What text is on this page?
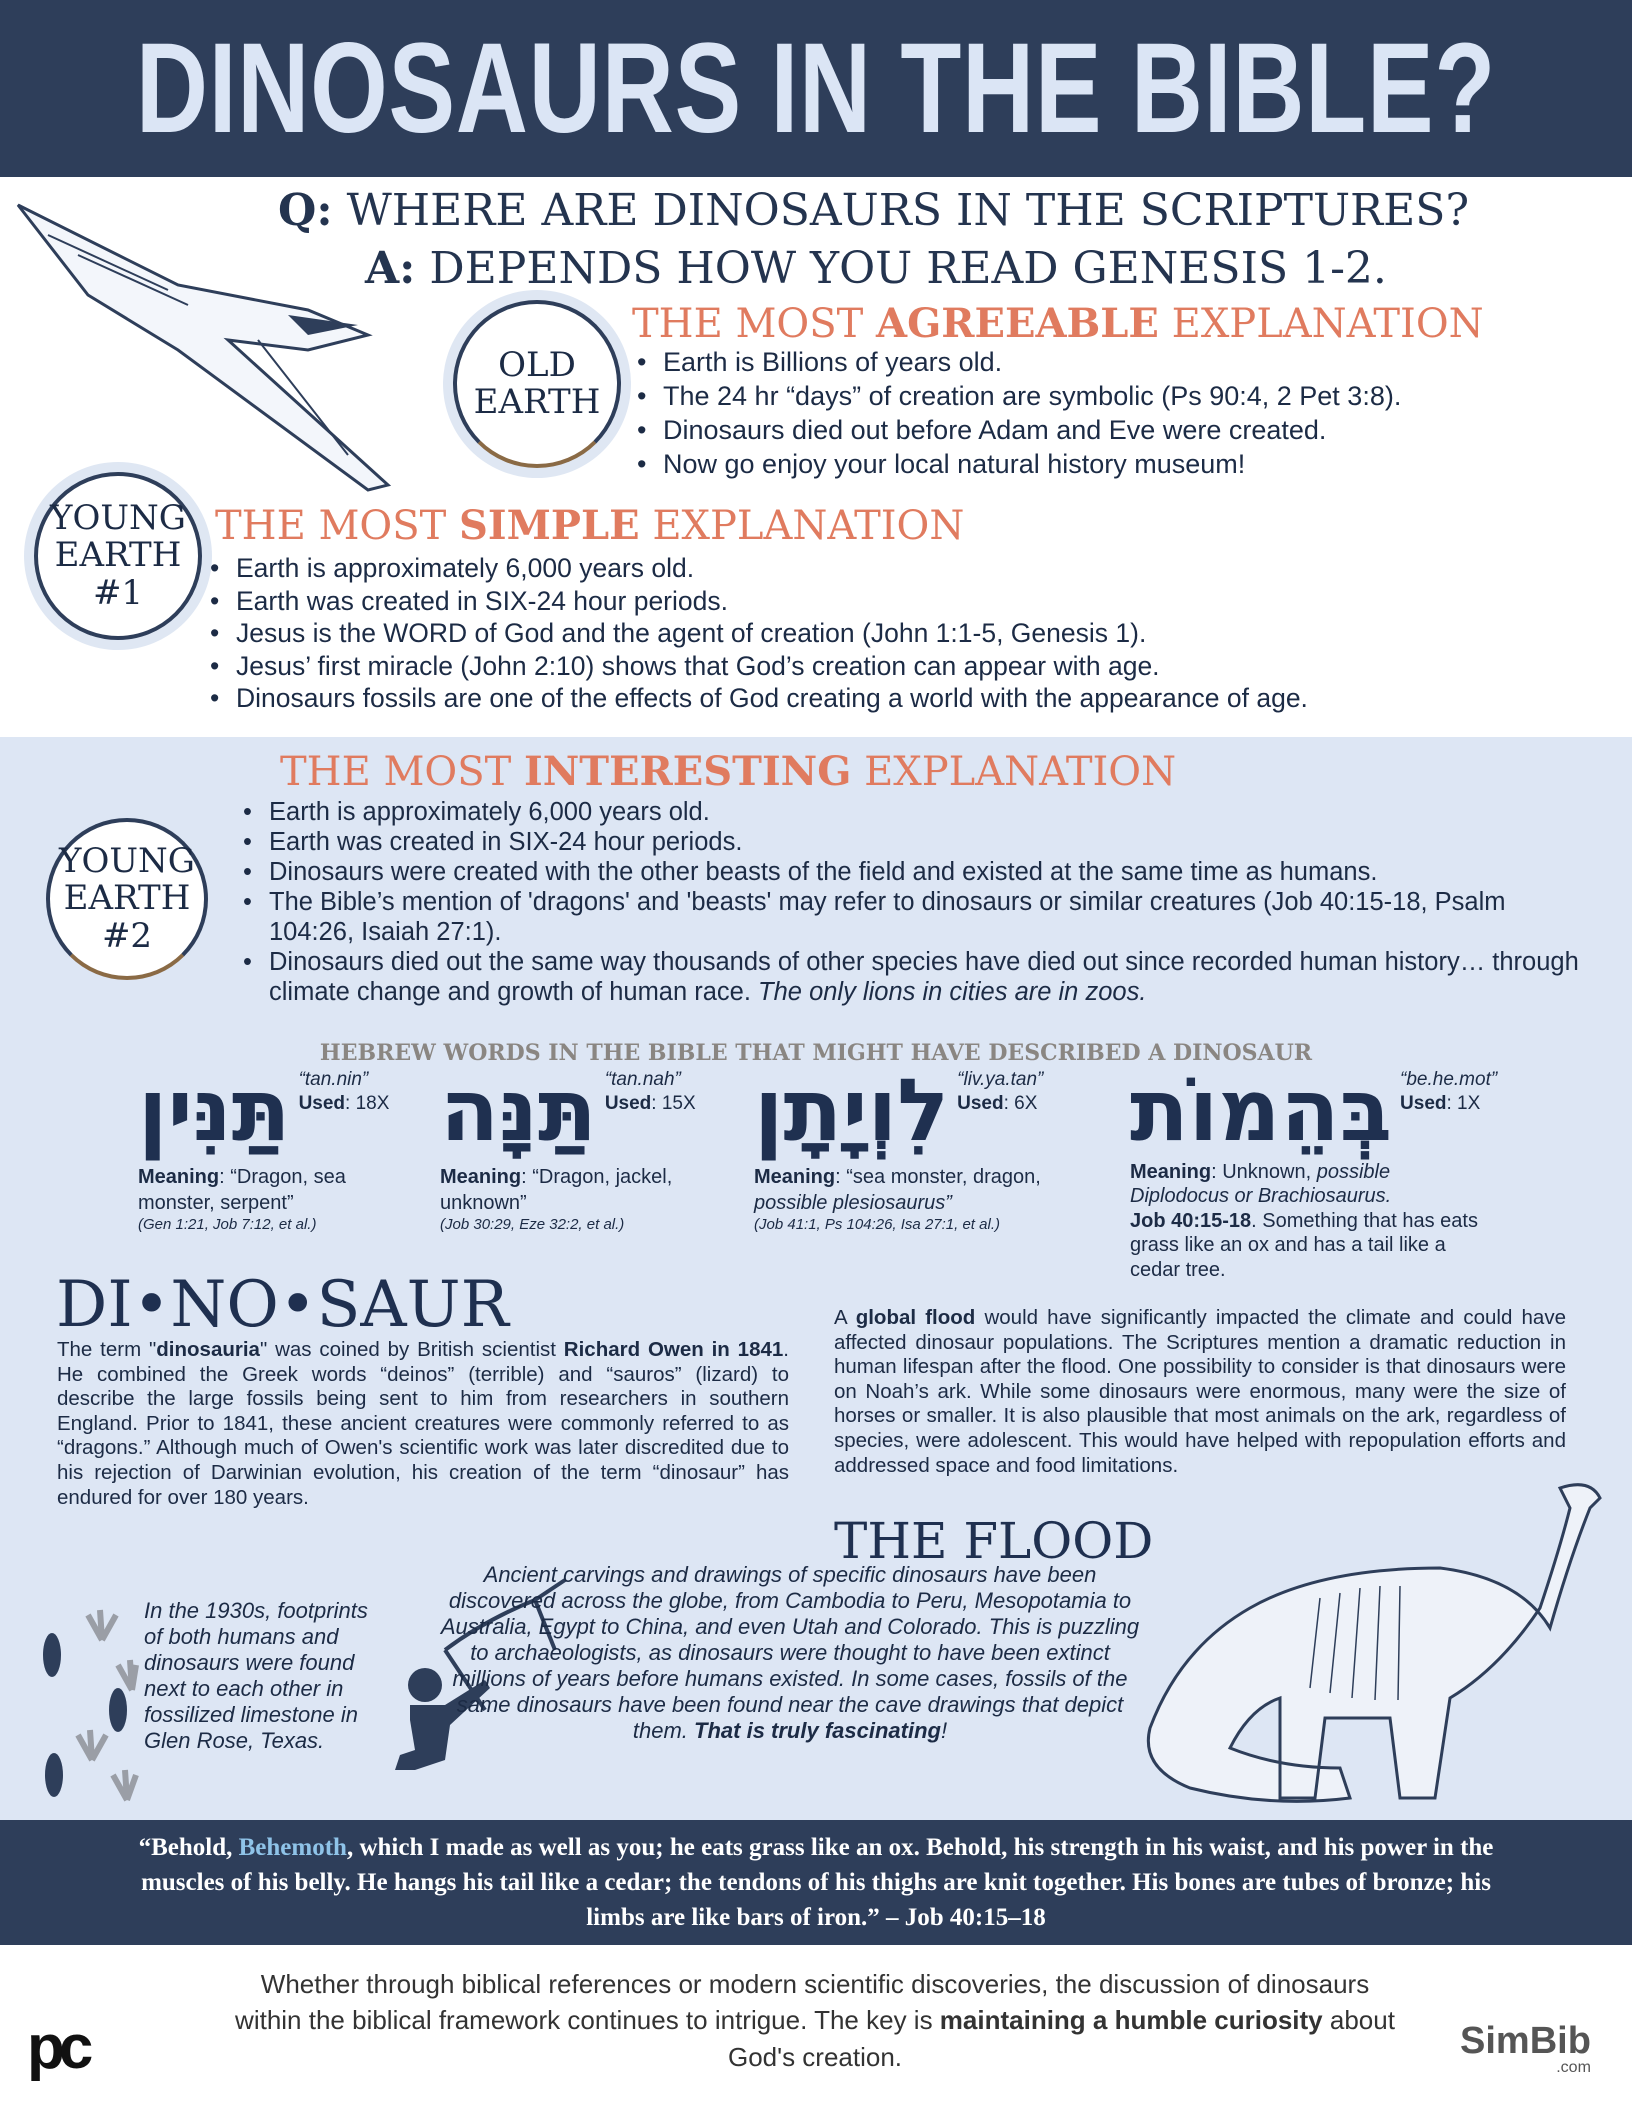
DINOSAURS IN THE BIBLE?
Q: WHERE ARE DINOSAURS IN THE SCRIPTURES?
A: DEPENDS HOW YOU READ GENESIS 1-2.
OLD
EARTH
THE MOST AGREEABLE EXPLANATION
• Earth is Billions of years old.
• The 24 hr “days” of creation are symbolic (Ps 90:4, 2 Pet 3:8).
• Dinosaurs died out before Adam and Eve were created.
• Now go enjoy your local natural history museum!
YOUNG
EARTH
#1
THE MOST SIMPLE EXPLANATION
• Earth is approximately 6,000 years old.
• Earth was created in SIX-24 hour periods.
• Jesus is the WORD of God and the agent of creation (John 1:1-5, Genesis 1).
• Jesus’ first miracle (John 2:10) shows that God’s creation can appear with age.
• Dinosaurs fossils are one of the effects of God creating a world with the appearance of age.
YOUNG
EARTH
#2
THE MOST INTERESTING EXPLANATION
• Earth is approximately 6,000 years old.
• Earth was created in SIX-24 hour periods.
• Dinosaurs were created with the other beasts of the field and existed at the same time as humans.
• The Bible’s mention of 'dragons' and 'beasts' may refer to dinosaurs or similar creatures (Job 40:15-18, Psalm 104:26, Isaiah 27:1).
• Dinosaurs died out the same way thousands of other species have died out since recorded human history… through climate change and growth of human race. The only lions in cities are in zoos.
HEBREW WORDS IN THE BIBLE THAT MIGHT HAVE DESCRIBED A DINOSAUR
תַּנִּין “tan.nin”
Used: 18X
Meaning: “Dragon, sea monster, serpent”
(Gen 1:21, Job 7:12, et al.)
תַּנָּה “tan.nah”
Used: 15X
Meaning: “Dragon, jackel, unknown”
(Job 30:29, Eze 32:2, et al.)
לִוְיָתָן “liv.ya.tan”
Used: 6X
Meaning: “sea monster, dragon, possible plesiosaurus”
(Job 41:1, Ps 104:26, Isa 27:1, et al.)
בְּהֵמוֹת “be.he.mot”
Used: 1X
Meaning: Unknown, possible Diplodocus or Brachiosaurus.
Job 40:15-18. Something that has eats grass like an ox and has a tail like a cedar tree.
DI•NO•SAUR
The term "dinosauria" was coined by British scientist Richard Owen in 1841. He combined the Greek words “deinos” (terrible) and “sauros” (lizard) to describe the large fossils being sent to him from researchers in southern England. Prior to 1841, these ancient creatures were commonly referred to as “dragons.” Although much of Owen's scientific work was later discredited due to his rejection of Darwinian evolution, his creation of the term “dinosaur” has endured for over 180 years.
A global flood would have significantly impacted the climate and could have affected dinosaur populations. The Scriptures mention a dramatic reduction in human lifespan after the flood. One possibility to consider is that dinosaurs were on Noah’s ark. While some dinosaurs were enormous, many were the size of horses or smaller. It is also plausible that most animals on the ark, regardless of species, were adolescent. This would have helped with repopulation efforts and addressed space and food limitations.
THE FLOOD
In the 1930s, footprints of both humans and dinosaurs were found next to each other in fossilized limestone in Glen Rose, Texas.
Ancient carvings and drawings of specific dinosaurs have been discovered across the globe, from Cambodia to Peru, Mesopotamia to Australia, Egypt to China, and even Utah and Colorado. This is puzzling to archaeologists, as dinosaurs were thought to have been extinct millions of years before humans existed. In some cases, fossils of the same dinosaurs have been found near the cave drawings that depict them. That is truly fascinating!
“Behold, Behemoth, which I made as well as you; he eats grass like an ox. Behold, his strength in his waist, and his power in the muscles of his belly. He hangs his tail like a cedar; the tendons of his thighs are knit together. His bones are tubes of bronze; his limbs are like bars of iron.” – Job 40:15–18
Whether through biblical references or modern scientific discoveries, the discussion of dinosaurs within the biblical framework continues to intrigue. The key is maintaining a humble curiosity about God's creation.
pc	SimBib
.com
